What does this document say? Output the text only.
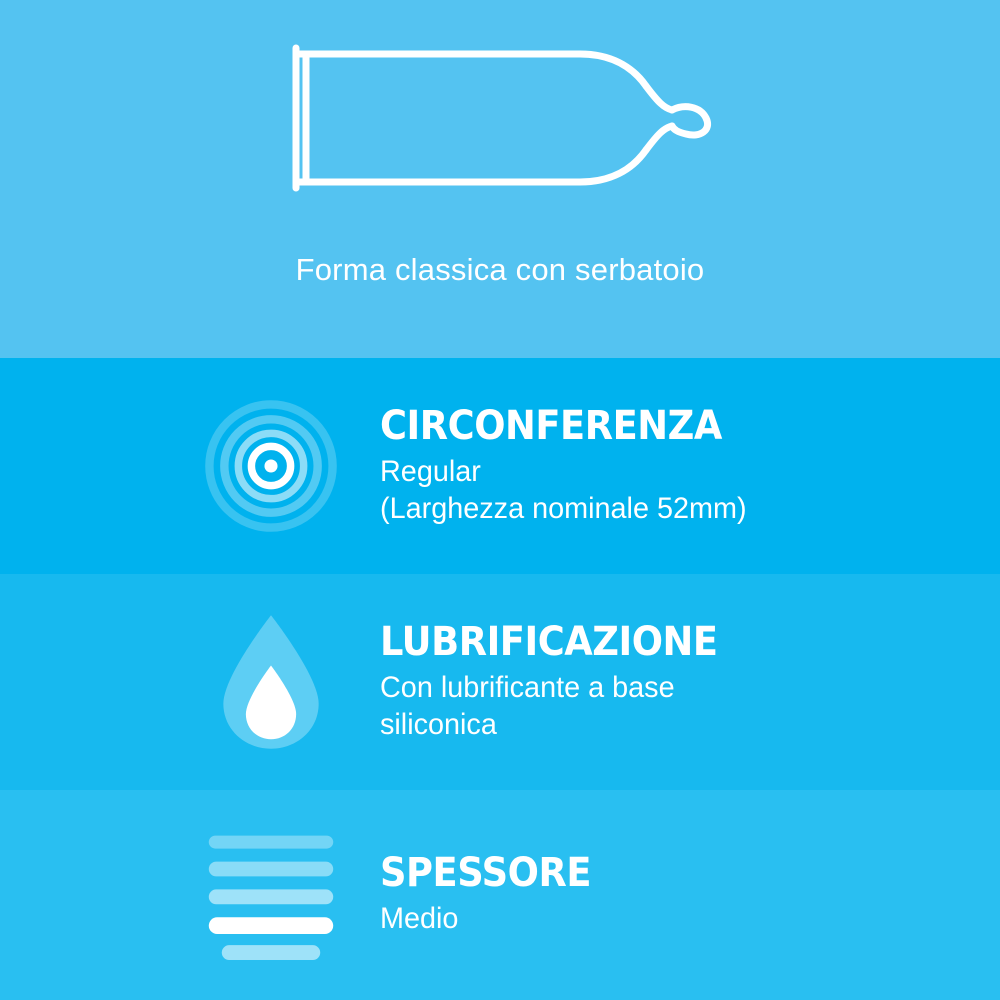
Forma classica con serbatoio
CIRCONFERENZA
Regular
(Larghezza nominale 52mm)
LUBRIFICAZIONE
Con lubrificante a base
siliconica
SPESSORE
Medio
